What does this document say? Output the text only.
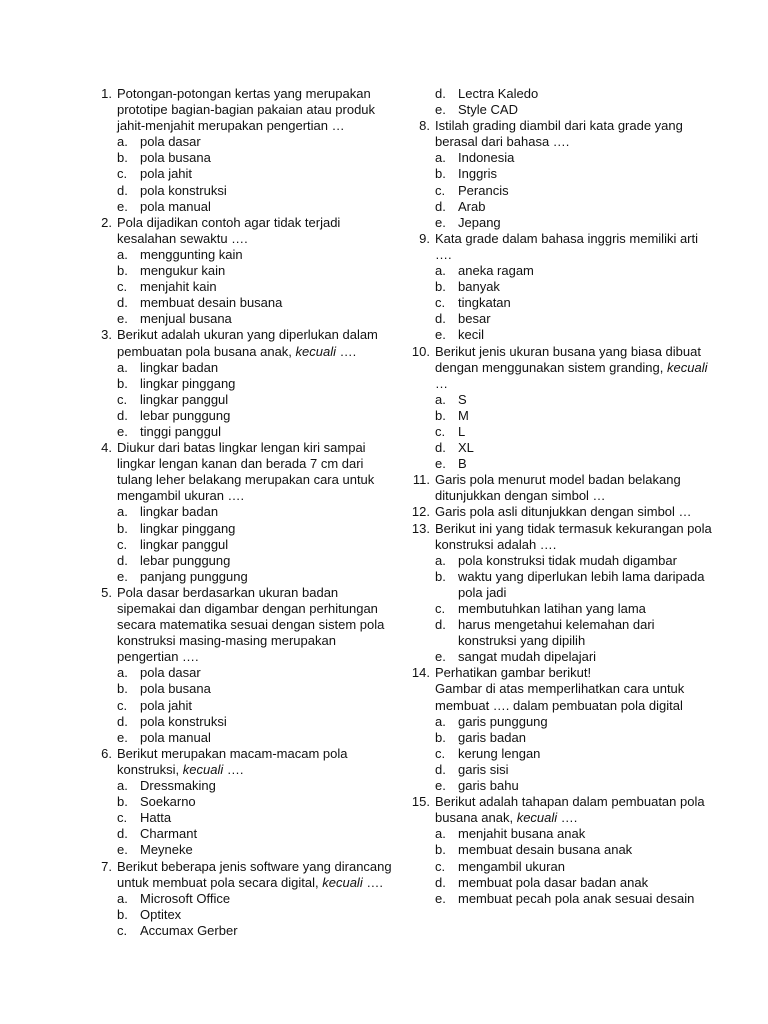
1. Potongan-potongan kertas yang merupakan
prototipe bagian-bagian pakaian atau produk
jahit-menjahit merupakan pengertian …
a. pola dasar
b. pola busana
c. pola jahit
d. pola konstruksi
e. pola manual
2. Pola dijadikan contoh agar tidak terjadi
kesalahan sewaktu ….
a. menggunting kain
b. mengukur kain
c. menjahit kain
d. membuat desain busana
e. menjual busana
3. Berikut adalah ukuran yang diperlukan dalam
pembuatan pola busana anak, kecuali ….
a. lingkar badan
b. lingkar pinggang
c. lingkar panggul
d. lebar punggung
e. tinggi panggul
4. Diukur dari batas lingkar lengan kiri sampai
lingkar lengan kanan dan berada 7 cm dari
tulang leher belakang merupakan cara untuk
mengambil ukuran ….
a. lingkar badan
b. lingkar pinggang
c. lingkar panggul
d. lebar punggung
e. panjang punggung
5. Pola dasar berdasarkan ukuran badan
sipemakai dan digambar dengan perhitungan
secara matematika sesuai dengan sistem pola
konstruksi masing-masing merupakan
pengertian ….
a. pola dasar
b. pola busana
c. pola jahit
d. pola konstruksi
e. pola manual
6. Berikut merupakan macam-macam pola
konstruksi, kecuali ….
a. Dressmaking
b. Soekarno
c. Hatta
d. Charmant
e. Meyneke
7. Berikut beberapa jenis software yang dirancang
untuk membuat pola secara digital, kecuali ….
a. Microsoft Office
b. Optitex
c. Accumax Gerber
d. Lectra Kaledo
e. Style CAD
8. Istilah grading diambil dari kata grade yang
berasal dari bahasa ….
a. Indonesia
b. Inggris
c. Perancis
d. Arab
e. Jepang
9. Kata grade dalam bahasa inggris memiliki arti
….
a. aneka ragam
b. banyak
c. tingkatan
d. besar
e. kecil
10. Berikut jenis ukuran busana yang biasa dibuat
dengan menggunakan sistem granding, kecuali
…
a. S
b. M
c. L
d. XL
e. B
11. Garis pola menurut model badan belakang
ditunjukkan dengan simbol …
12. Garis pola asli ditunjukkan dengan simbol …
13. Berikut ini yang tidak termasuk kekurangan pola
konstruksi adalah ….
a. pola konstruksi tidak mudah digambar
b. waktu yang diperlukan lebih lama daripada
pola jadi
c. membutuhkan latihan yang lama
d. harus mengetahui kelemahan dari
konstruksi yang dipilih
e. sangat mudah dipelajari
14. Perhatikan gambar berikut!
Gambar di atas memperlihatkan cara untuk
membuat …. dalam pembuatan pola digital
a. garis punggung
b. garis badan
c. kerung lengan
d. garis sisi
e. garis bahu
15. Berikut adalah tahapan dalam pembuatan pola
busana anak, kecuali ….
a. menjahit busana anak
b. membuat desain busana anak
c. mengambil ukuran
d. membuat pola dasar badan anak
e. membuat pecah pola anak sesuai desain
